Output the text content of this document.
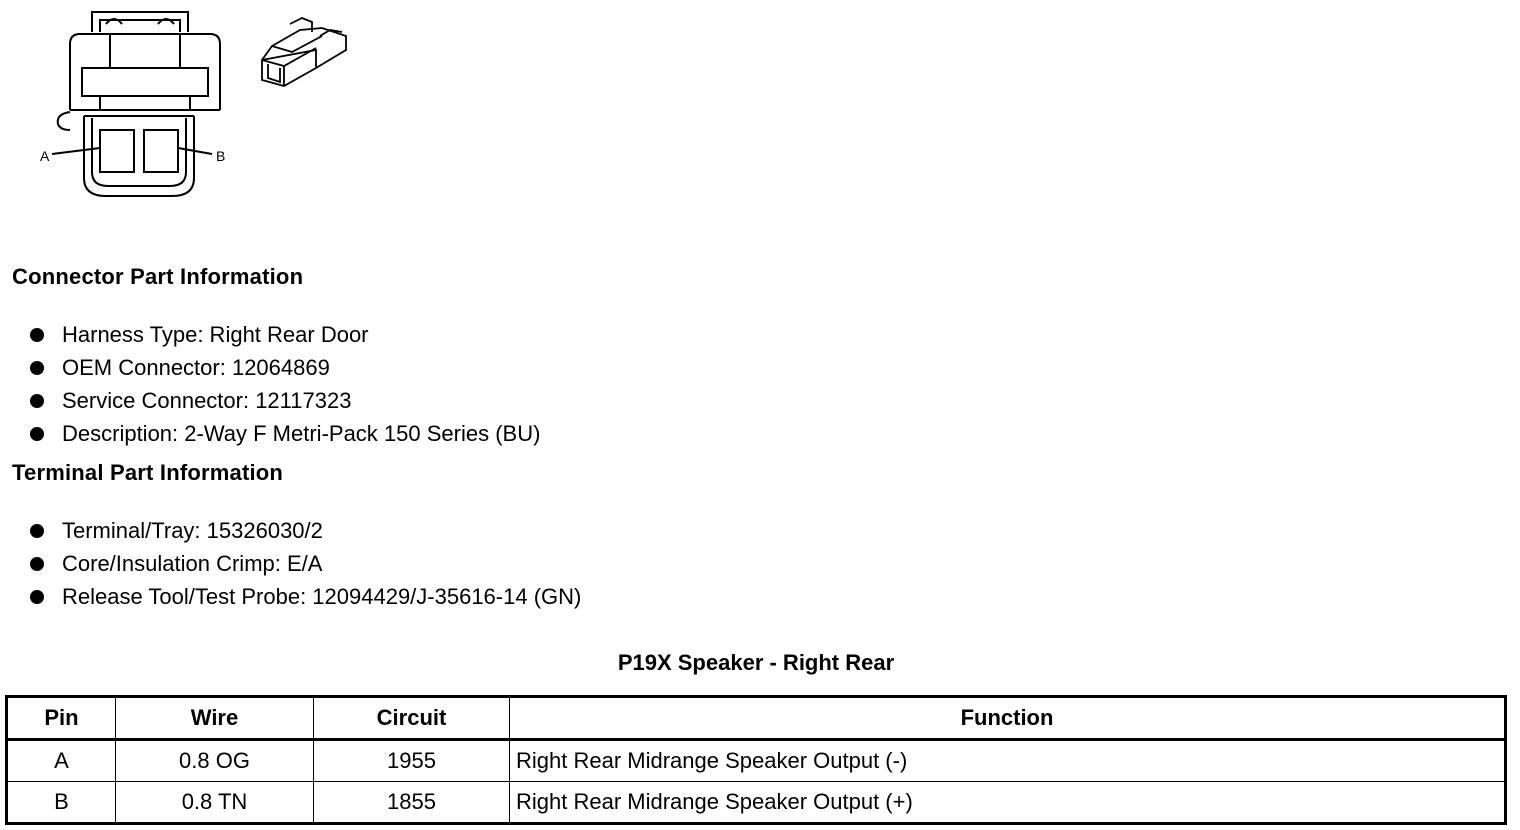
A	B
Connector Part Information
Harness Type: Right Rear Door
OEM Connector: 12064869
Service Connector: 12117323
Description: 2-Way F Metri-Pack 150 Series (BU)
Terminal Part Information
Terminal/Tray: 15326030/2
Core/Insulation Crimp: E/A
Release Tool/Test Probe: 12094429/J-35616-14 (GN)
P19X Speaker - Right Rear
Pin	Wire	Circuit	Function
A	0.8 OG	1955	Right Rear Midrange Speaker Output (-)
B	0.8 TN	1855	Right Rear Midrange Speaker Output (+)
